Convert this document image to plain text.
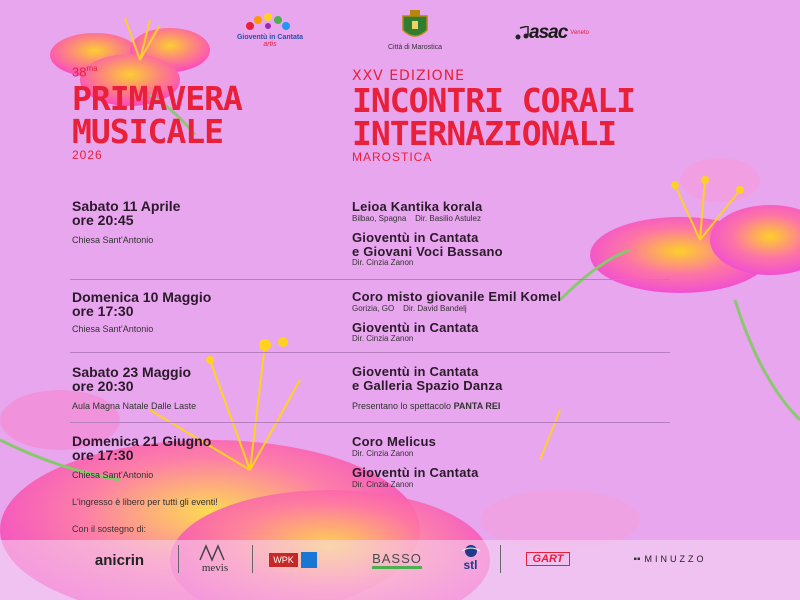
Gioventù in Cantata
artis	Città di Marostica
asac Veneto
$38^{ma}$
PRIMAVERA
MUSICALE
2026
XXV EDIZIONE
INCONTRI CORALI
INTERNAZIONALI
MAROSTICA
Sabato 11 Aprile
ore 20:45
Chiesa Sant'Antonio
Leioa Kantika korala
Bilbao, Spagna    Dir. Basilio Astulez
Gioventù in Cantata
e Giovani Voci Bassano
Dir. Cinzia Zanon
Domenica 10 Maggio
ore 17:30
Chiesa Sant'Antonio
Coro misto giovanile Emil Komel
Gorizia, GO    Dir. David Bandelj
Gioventù in Cantata
Dir. Cinzia Zanon
Sabato 23 Maggio
ore 20:30
Aula Magna Natale Dalle Laste
Gioventù in Cantata
e Galleria Spazio Danza
Presentano lo spettacolo PANTA REI
Domenica 21 Giugno
ore 17:30
Chiesa Sant'Antonio
Coro Melicus
Dir. Cinzia Zanon
Gioventù in Cantata
Dir. Cinzia Zanon
L'ingresso è libero per tutti gli eventi!
Con il sostegno di:
anicrin	mevis
WPK	BASSO	stl	GART	▪▪ MINUZZO
